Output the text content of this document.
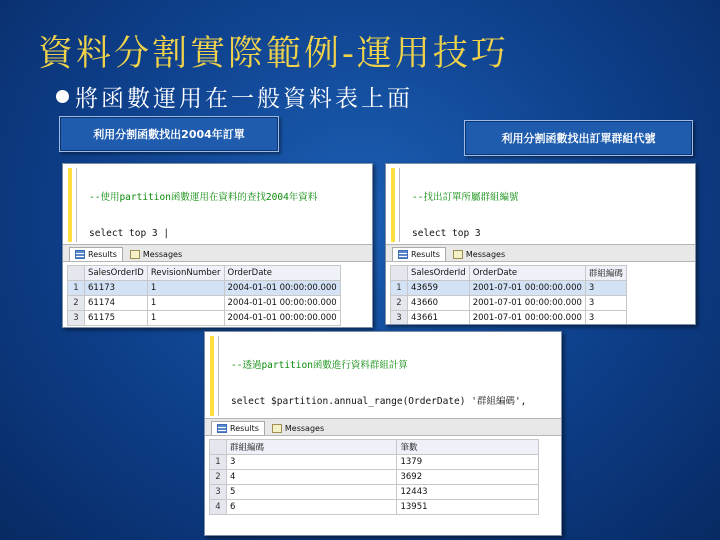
資料分割實際範例-運用技巧
將函數運用在一般資料表上面
利用分割函數找出2004年訂單	利用分割函數找出訂單群組代號

--使用partition函數運用在資料的查找2004年資料

select top 3 |

Results	Messages
	SalesOrderID	RevisionNumber	OrderDate
1	61173	1	2004-01-01 00:00:00.000
2	61174	1	2004-01-01 00:00:00.000
3	61175	1	2004-01-01 00:00:00.000

--找出訂單所屬群組編號

select top 3

Results	Messages
	SalesOrderId	OrderDate	群組編碼
1	43659	2001-07-01 00:00:00.000	3
2	43660	2001-07-01 00:00:00.000	3
3	43661	2001-07-01 00:00:00.000	3

--透過partition函數進行資料群組計算

select $partition.annual_range(OrderDate) '群組編碼',

Results	Messages
	群組編碼	筆數
1	3	1379
2	4	3692
3	5	12443
4	6	13951
